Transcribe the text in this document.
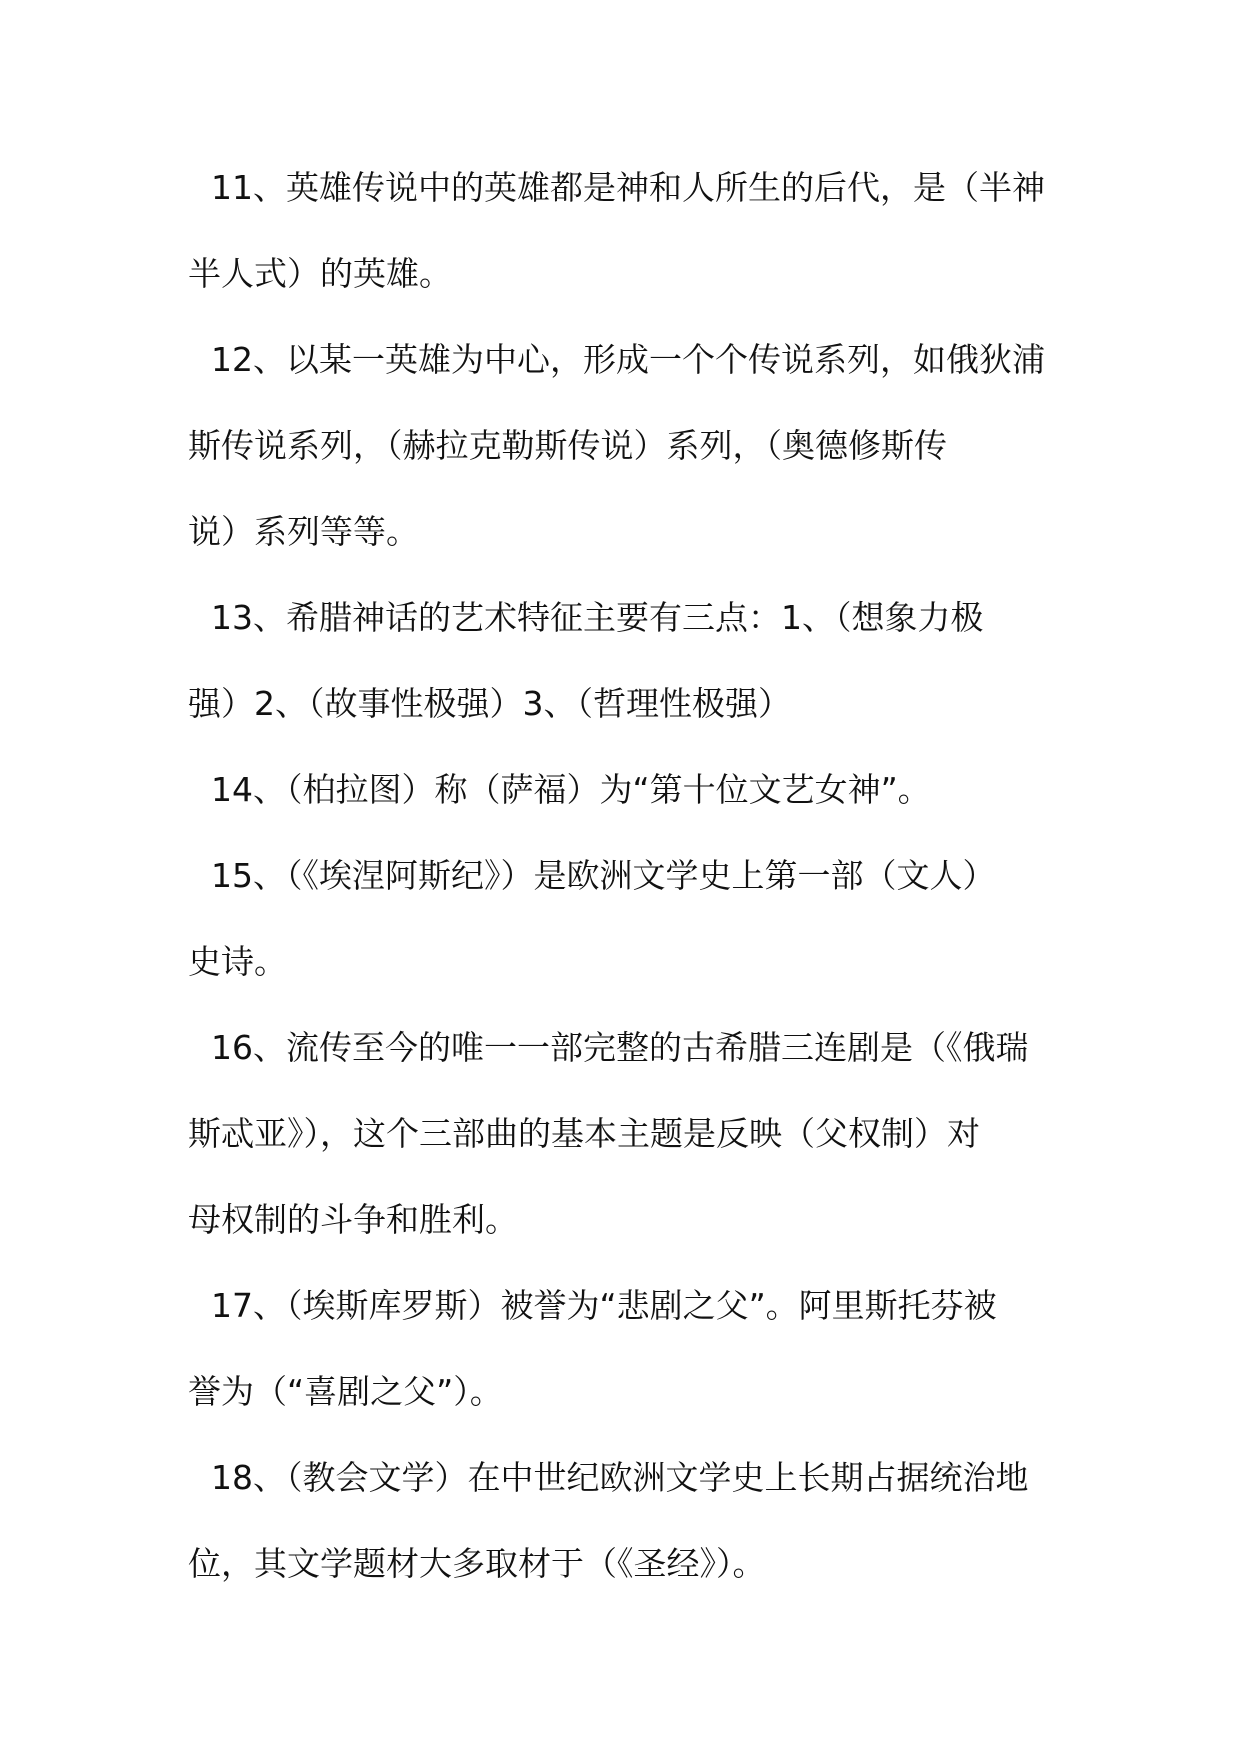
11、英雄传说中的英雄都是神和人所生的后代，是（半神
半人式）的英雄。
12、以某一英雄为中心，形成一个个传说系列，如俄狄浦
斯传说系列，（赫拉克勒斯传说）系列，（奥德修斯传
说）系列等等。
13、希腊神话的艺术特征主要有三点：1、（想象力极
强）2、（故事性极强）3、（哲理性极强）
14、（柏拉图）称（萨福）为“第十位文艺女神”。
15、（《埃涅阿斯纪》）是欧洲文学史上第一部（文人）
史诗。
16、流传至今的唯一一部完整的古希腊三连剧是（《俄瑞
斯忒亚》），这个三部曲的基本主题是反映（父权制）对
母权制的斗争和胜利。
17、（埃斯库罗斯）被誉为“悲剧之父”。阿里斯托芬被
誉为（“喜剧之父”）。
18、（教会文学）在中世纪欧洲文学史上长期占据统治地
位，其文学题材大多取材于（《圣经》）。
